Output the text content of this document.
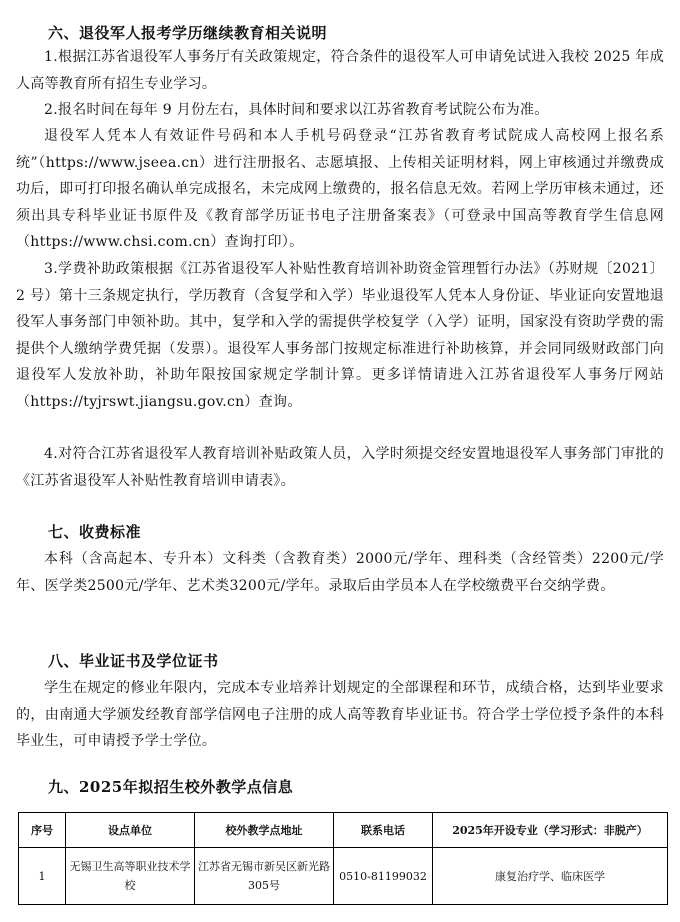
六、退役军人报考学历继续教育相关说明

1.根据江苏省退役军人事务厅有关政策规定，符合条件的退役军人可申请免试进入我校 2025 年成人高等教育所有招生专业学习。

2.报名时间在每年 9 月份左右，具体时间和要求以江苏省教育考试院公布为准。

退役军人凭本人有效证件号码和本人手机号码登录“江苏省教育考试院成人高校网上报名系统”（https://www.jseea.cn）进行注册报名、志愿填报、上传相关证明材料，网上审核通过并缴费成功后，即可打印报名确认单完成报名，未完成网上缴费的，报名信息无效。若网上学历审核未通过，还须出具专科毕业证书原件及《教育部学历证书电子注册备案表》（可登录中国高等教育学生信息网（https://www.chsi.com.cn）查询打印）。

3.学费补助政策根据《江苏省退役军人补贴性教育培训补助资金管理暂行办法》（苏财规〔2021〕2 号）第十三条规定执行，学历教育（含复学和入学）毕业退役军人凭本人身份证、毕业证向安置地退役军人事务部门申领补助。其中，复学和入学的需提供学校复学（入学）证明，国家没有资助学费的需提供个人缴纳学费凭据（发票）。退役军人事务部门按规定标准进行补助核算，并会同同级财政部门向退役军人发放补助，补助年限按国家规定学制计算。更多详情请进入江苏省退役军人事务厅网站（https://tyjrswt.jiangsu.gov.cn）查询。

4.对符合江苏省退役军人教育培训补贴政策人员，入学时须提交经安置地退役军人事务部门审批的《江苏省退役军人补贴性教育培训申请表》。

七、收费标准

本科（含高起本、专升本）文科类（含教育类）2000元/学年、理科类（含经管类）2200元/学年、医学类2500元/学年、艺术类3200元/学年。录取后由学员本人在学校缴费平台交纳学费。

八、毕业证书及学位证书

学生在规定的修业年限内，完成本专业培养计划规定的全部课程和环节，成绩合格，达到毕业要求的，由南通大学颁发经教育部学信网电子注册的成人高等教育毕业证书。符合学士学位授予条件的本科毕业生，可申请授予学士学位。

九、2025年拟招生校外教学点信息
序号	设点单位	校外教学点地址	联系电话	2025年开设专业（学习形式：非脱产）
1	无锡卫生高等职业技术学校	江苏省无锡市新吴区新光路305号	0510-81199032	康复治疗学、临床医学
